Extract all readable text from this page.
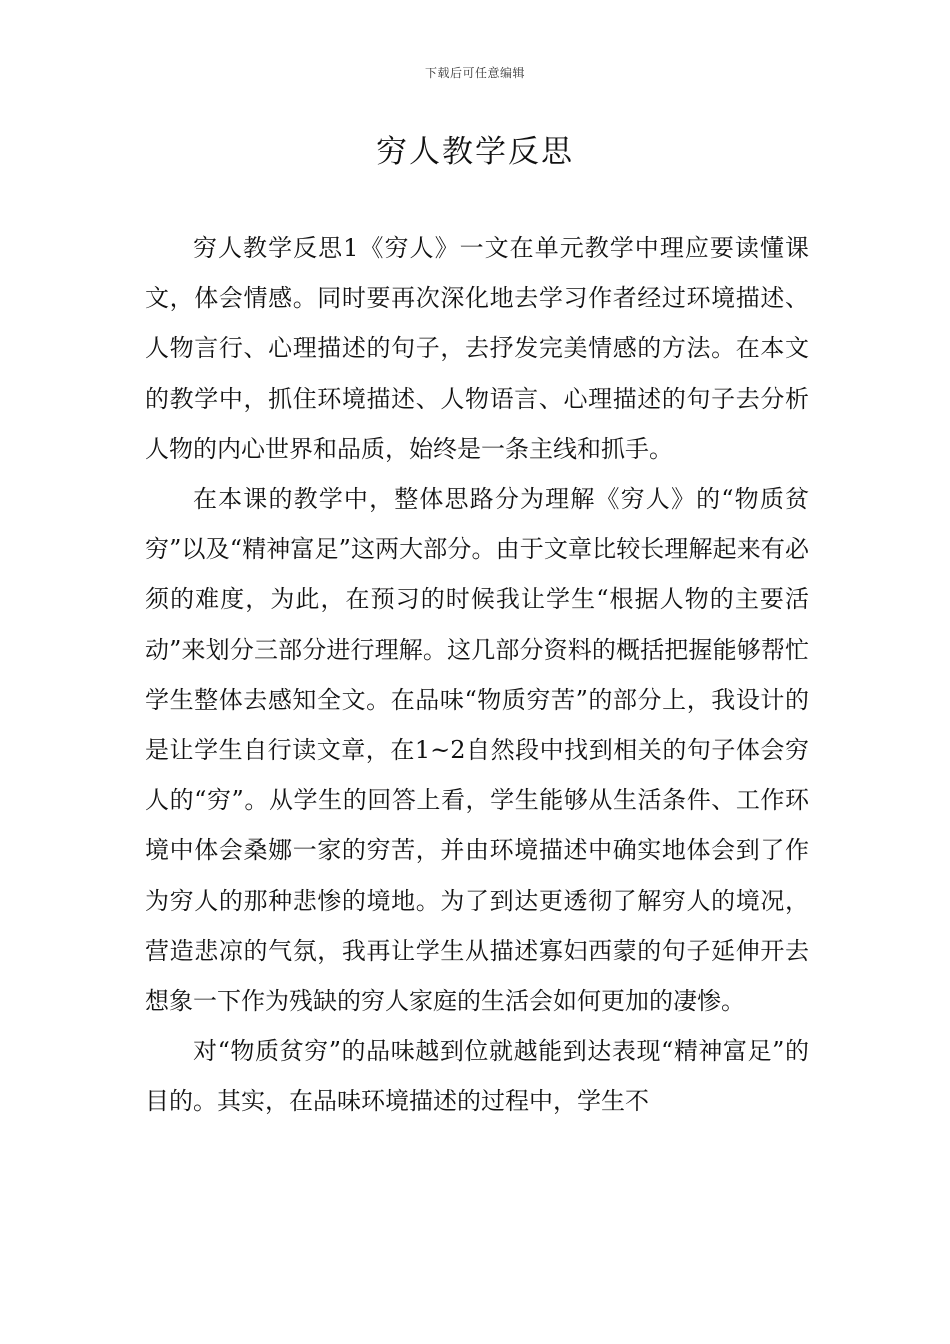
下载后可任意编辑
穷人教学反思

穷人教学反思1《穷人》一文在单元教学中理应要读懂课文，体会情感。同时要再次深化地去学习作者经过环境描述、人物言行、心理描述的句子，去抒发完美情感的方法。在本文的教学中，抓住环境描述、人物语言、心理描述的句子去分析人物的内心世界和品质，始终是一条主线和抓手。

在本课的教学中，整体思路分为理解《穷人》的“物质贫穷”以及“精神富足”这两大部分。由于文章比较长理解起来有必须的难度，为此，在预习的时候我让学生“根据人物的主要活动”来划分三部分进行理解。这几部分资料的概括把握能够帮忙学生整体去感知全文。在品味“物质穷苦”的部分上，我设计的是让学生自行读文章，在1~2自然段中找到相关的句子体会穷人的“穷”。从学生的回答上看，学生能够从生活条件、工作环境中体会桑娜一家的穷苦，并由环境描述中确实地体会到了作为穷人的那种悲惨的境地。为了到达更透彻了解穷人的境况，营造悲凉的气氛，我再让学生从描述寡妇西蒙的句子延伸开去想象一下作为残缺的穷人家庭的生活会如何更加的凄惨。

对“物质贫穷”的品味越到位就越能到达表现“精神富足”的目的。其实，在品味环境描述的过程中，学生不
